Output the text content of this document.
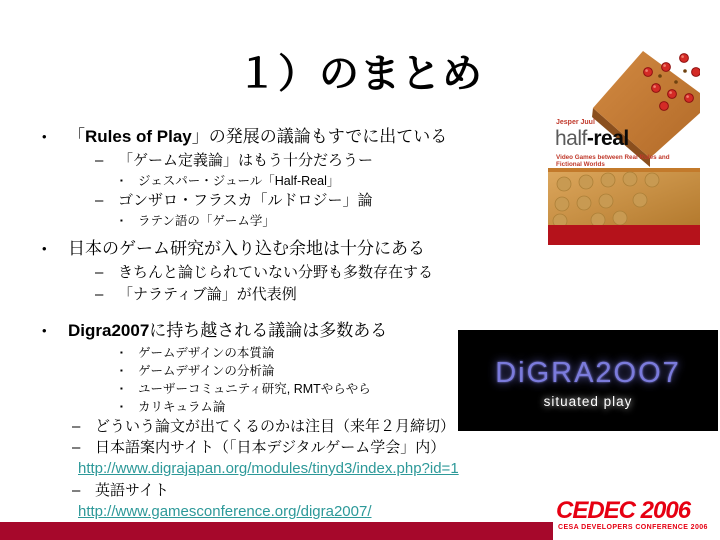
１）のまとめ
• 「Rules of Play」の発展の議論もすでに出ている
– 「ゲーム定義論」はもう十分だろうー
▪ ジェスパー・ジュール「Half-Real」
– ゴンザロ・フラスカ「ルドロジー」論
▪ ラテン語の「ゲーム学」
• 日本のゲーム研究が入り込む余地は十分にある
– きちんと論じられていない分野も多数存在する
– 「ナラティブ論」が代表例
• Digra2007に持ち越される議論は多数ある
▪ ゲームデザインの本質論
▪ ゲームデザインの分析論
▪ ユーザーコミュニティ研究, RMTやらやら
▪ カリキュラム論
– どういう論文が出てくるのかは注目（来年２月締切）
– 日本語案内サイト（「日本デジタルゲーム学会」内）
http://www.digrajapan.org/modules/tinyd3/index.php?id=1
– 英語サイト
http://www.gamesconference.org/digra2007/
Jesper Juul
half-real
Video Games between Real Rules and Fictional Worlds
DiGRA2OO7
situated play
CEDEC 2006
CESA DEVELOPERS CONFERENCE 2006
